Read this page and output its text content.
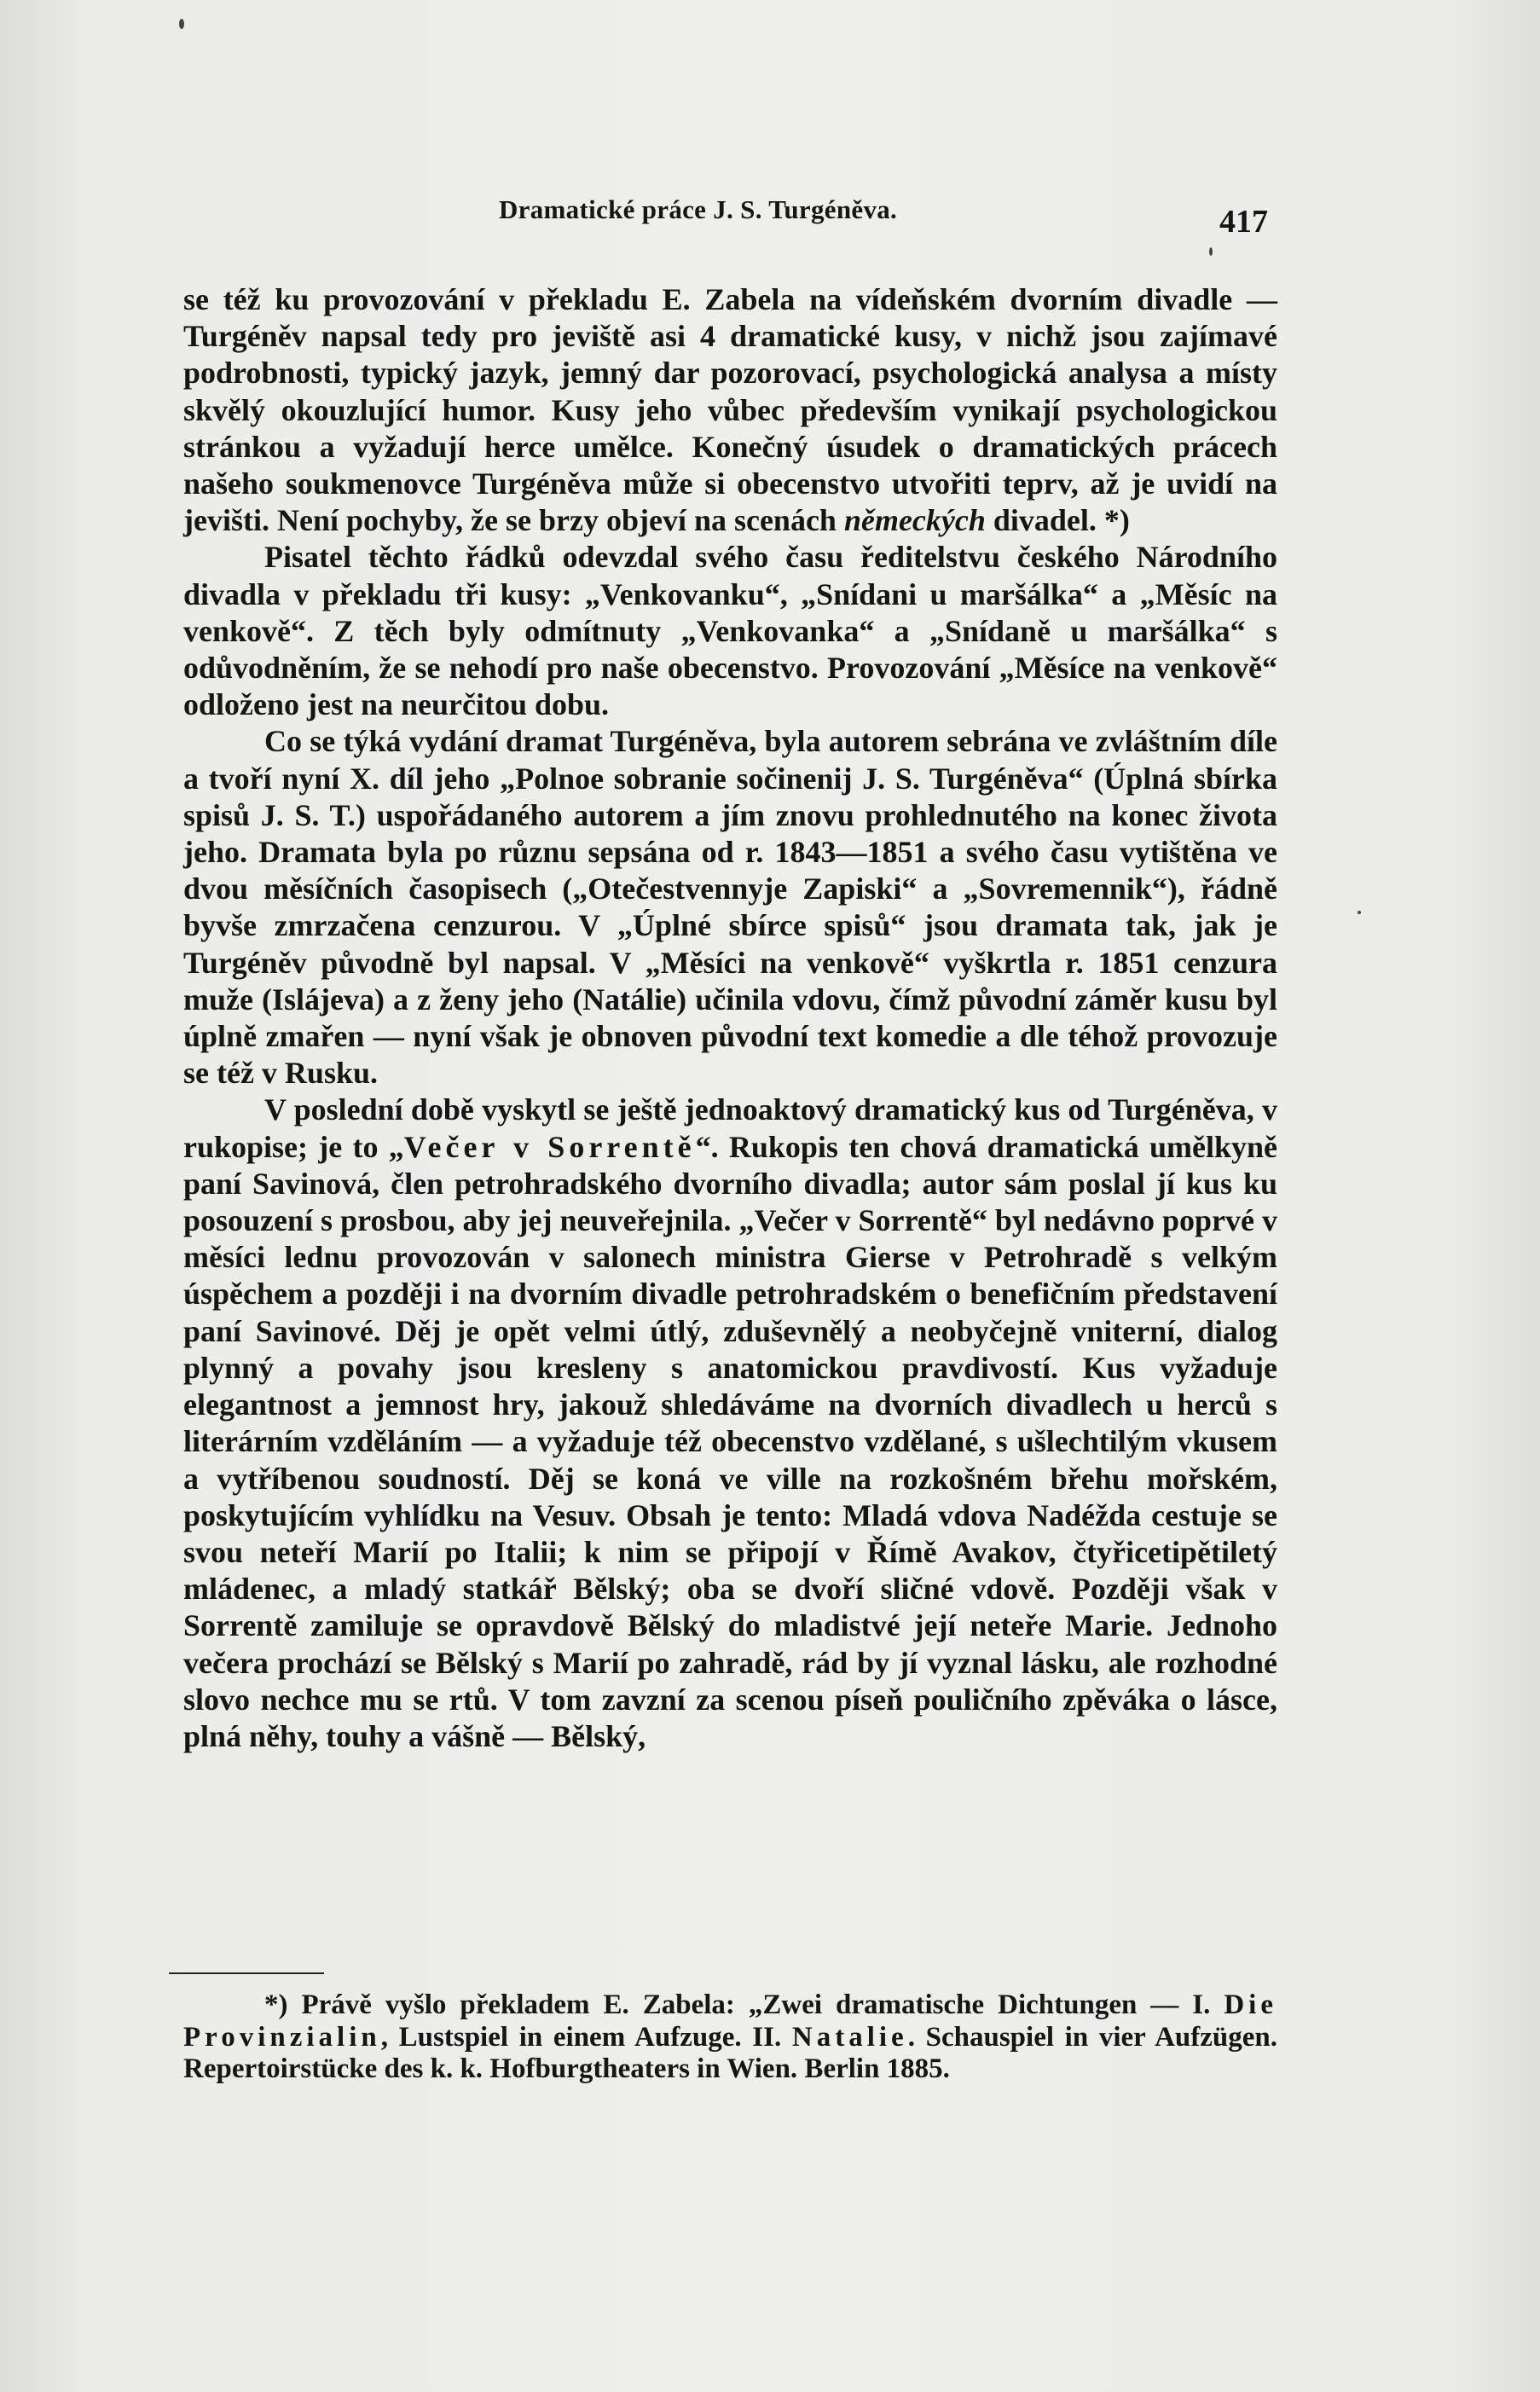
Dramatické práce J. S. Turgéněva.	417

se též ku provozování v překladu E. Zabela na vídeňském dvorním divadle — Turgéněv napsal tedy pro jeviště asi 4 dramatické kusy, v nichž jsou zajímavé podrobnosti, typický jazyk, jemný dar pozorovací, psychologická analysa a místy skvělý okouzlující humor. Kusy jeho vůbec především vynikají psychologickou stránkou a vyžadují herce umělce. Konečný úsudek o dramatických prácech našeho soukmenovce Turgéněva může si obecenstvo utvořiti teprv, až je uvidí na jevišti. Není pochyby, že se brzy objeví na scenách německých divadel. *)

Pisatel těchto řádků odevzdal svého času ředitelstvu českého Národního divadla v překladu tři kusy: „Venkovanku“, „Snídani u maršálka“ a „Měsíc na venkově“. Z těch byly odmítnuty „Venkovanka“ a „Snídaně u maršálka“ s odůvodněním, že se nehodí pro naše obecenstvo. Provozování „Měsíce na venkově“ odloženo jest na neurčitou dobu.

Co se týká vydání dramat Turgéněva, byla autorem sebrána ve zvláštním díle a tvoří nyní X. díl jeho „Polnoe sobranie sočinenij J. S. Turgéněva“ (Úplná sbírka spisů J. S. T.) uspořádaného autorem a jím znovu prohlednutého na konec života jeho. Dramata byla po různu sepsána od r. 1843—1851 a svého času vytištěna ve dvou měsíčních časopisech („Otečestvennyje Zapiski“ a „Sovremennik“), řádně byvše zmrzačena cenzurou. V „Úplné sbírce spisů“ jsou dramata tak, jak je Turgéněv původně byl napsal. V „Měsíci na venkově“ vyškrtla r. 1851 cenzura muže (Islájeva) a z ženy jeho (Natálie) učinila vdovu, čímž původní záměr kusu byl úplně zmařen — nyní však je obnoven původní text komedie a dle téhož provozuje se též v Rusku.

V poslední době vyskytl se ještě jednoaktový dramatický kus od Turgéněva, v rukopise; je to „Večer v Sorrentě“. Rukopis ten chová dramatická umělkyně paní Savinová, člen petrohradského dvorního divadla; autor sám poslal jí kus ku posouzení s prosbou, aby jej neuveřejnila. „Večer v Sorrentě“ byl nedávno poprvé v měsíci lednu provozován v salonech ministra Gierse v Petrohradě s velkým úspěchem a později i na dvorním divadle petrohradském o benefičním představení paní Savinové. Děj je opět velmi útlý, zduševnělý a neobyčejně vniterní, dialog plynný a povahy jsou kresleny s anatomickou pravdivostí. Kus vyžaduje elegantnost a jemnost hry, jakouž shledáváme na dvorních divadlech u herců s literárním vzděláním — a vyžaduje též obecenstvo vzdělané, s ušlechtilým vkusem a vytříbenou soudností. Děj se koná ve ville na rozkošném břehu mořském, poskytujícím vyhlídku na Vesuv. Obsah je tento: Mladá vdova Nadéžda cestuje se svou neteří Marií po Italii; k nim se připojí v Římě Avakov, čtyřicetipětiletý mládenec, a mladý statkář Bělský; oba se dvoří sličné vdově. Později však v Sorrentě zamiluje se opravdově Bělský do mladistvé její neteře Marie. Jednoho večera prochází se Bělský s Marií po zahradě, rád by jí vyznal lásku, ale rozhodné slovo nechce mu se rtů. V tom zavzní za scenou píseň pouličního zpěváka o lásce, plná něhy, touhy a vášně — Bělský,

*) Právě vyšlo překladem E. Zabela: „Zwei dramatische Dichtungen — I. Die Provinzialin, Lustspiel in einem Aufzuge. II. Natalie. Schauspiel in vier Aufzügen. Repertoirstücke des k. k. Hofburgtheaters in Wien. Berlin 1885.
